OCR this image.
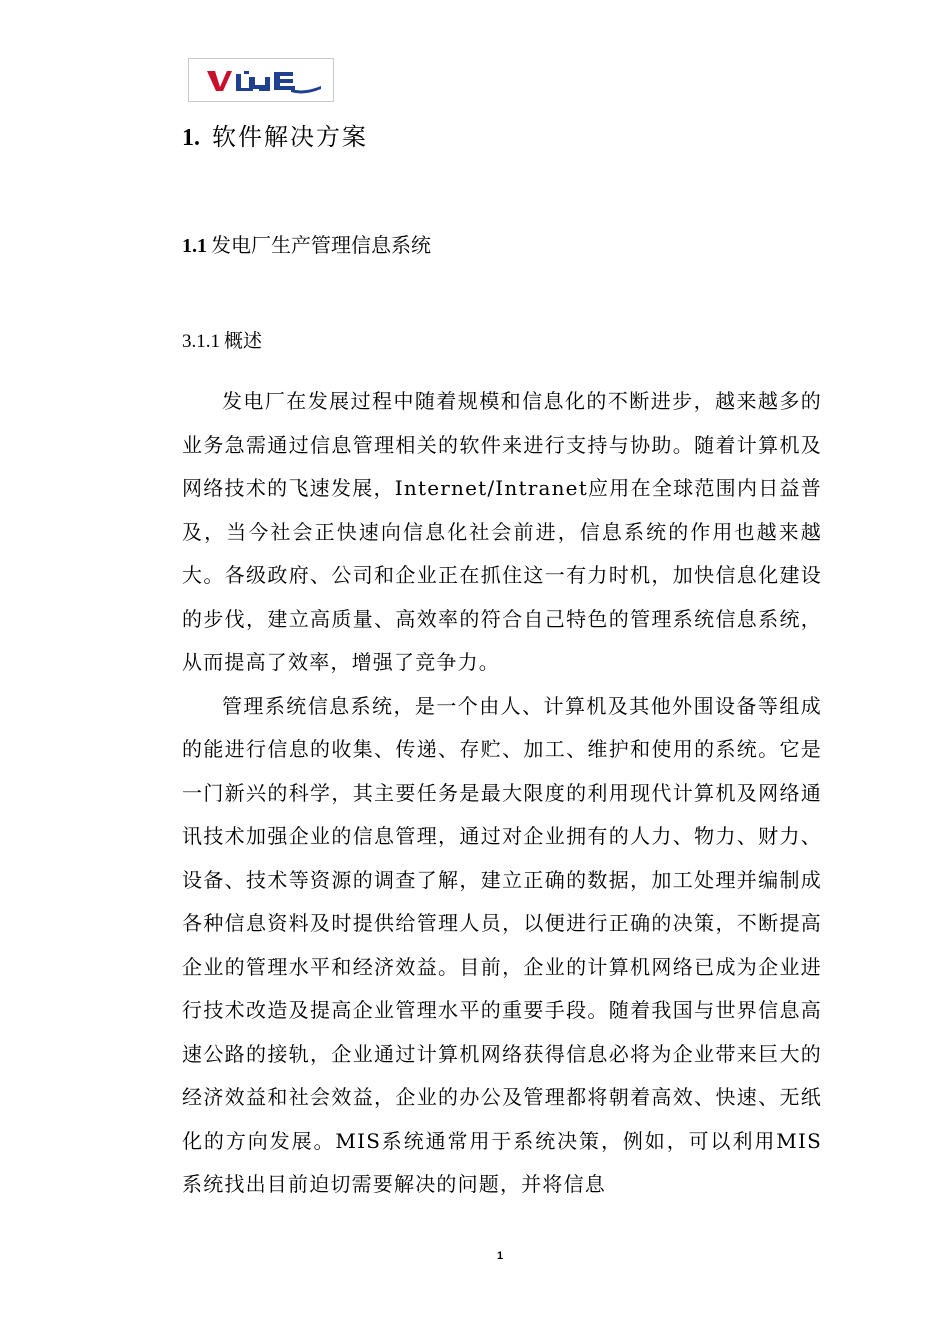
1. 软件解决方案
1.1 发电厂生产管理信息系统
3.1.1 概述

发电厂在发展过程中随着规模和信息化的不断进步，越来越多的业务急需通过信息管理相关的软件来进行支持与协助。随着计算机及网络技术的飞速发展，Internet/Intranet应用在全球范围内日益普及，当今社会正快速向信息化社会前进，信息系统的作用也越来越大。各级政府、公司和企业正在抓住这一有力时机，加快信息化建设的步伐，建立高质量、高效率的符合自己特色的管理系统信息系统，从而提高了效率，增强了竞争力。

管理系统信息系统，是一个由人、计算机及其他外围设备等组成的能进行信息的收集、传递、存贮、加工、维护和使用的系统。它是一门新兴的科学，其主要任务是最大限度的利用现代计算机及网络通讯技术加强企业的信息管理，通过对企业拥有的人力、物力、财力、设备、技术等资源的调查了解，建立正确的数据，加工处理并编制成各种信息资料及时提供给管理人员，以便进行正确的决策，不断提高企业的管理水平和经济效益。目前，企业的计算机网络已成为企业进行技术改造及提高企业管理水平的重要手段。随着我国与世界信息高速公路的接轨，企业通过计算机网络获得信息必将为企业带来巨大的经济效益和社会效益，企业的办公及管理都将朝着高效、快速、无纸化的方向发展。MIS系统通常用于系统决策，例如，可以利用MIS系统找出目前迫切需要解决的问题，并将信息

1
